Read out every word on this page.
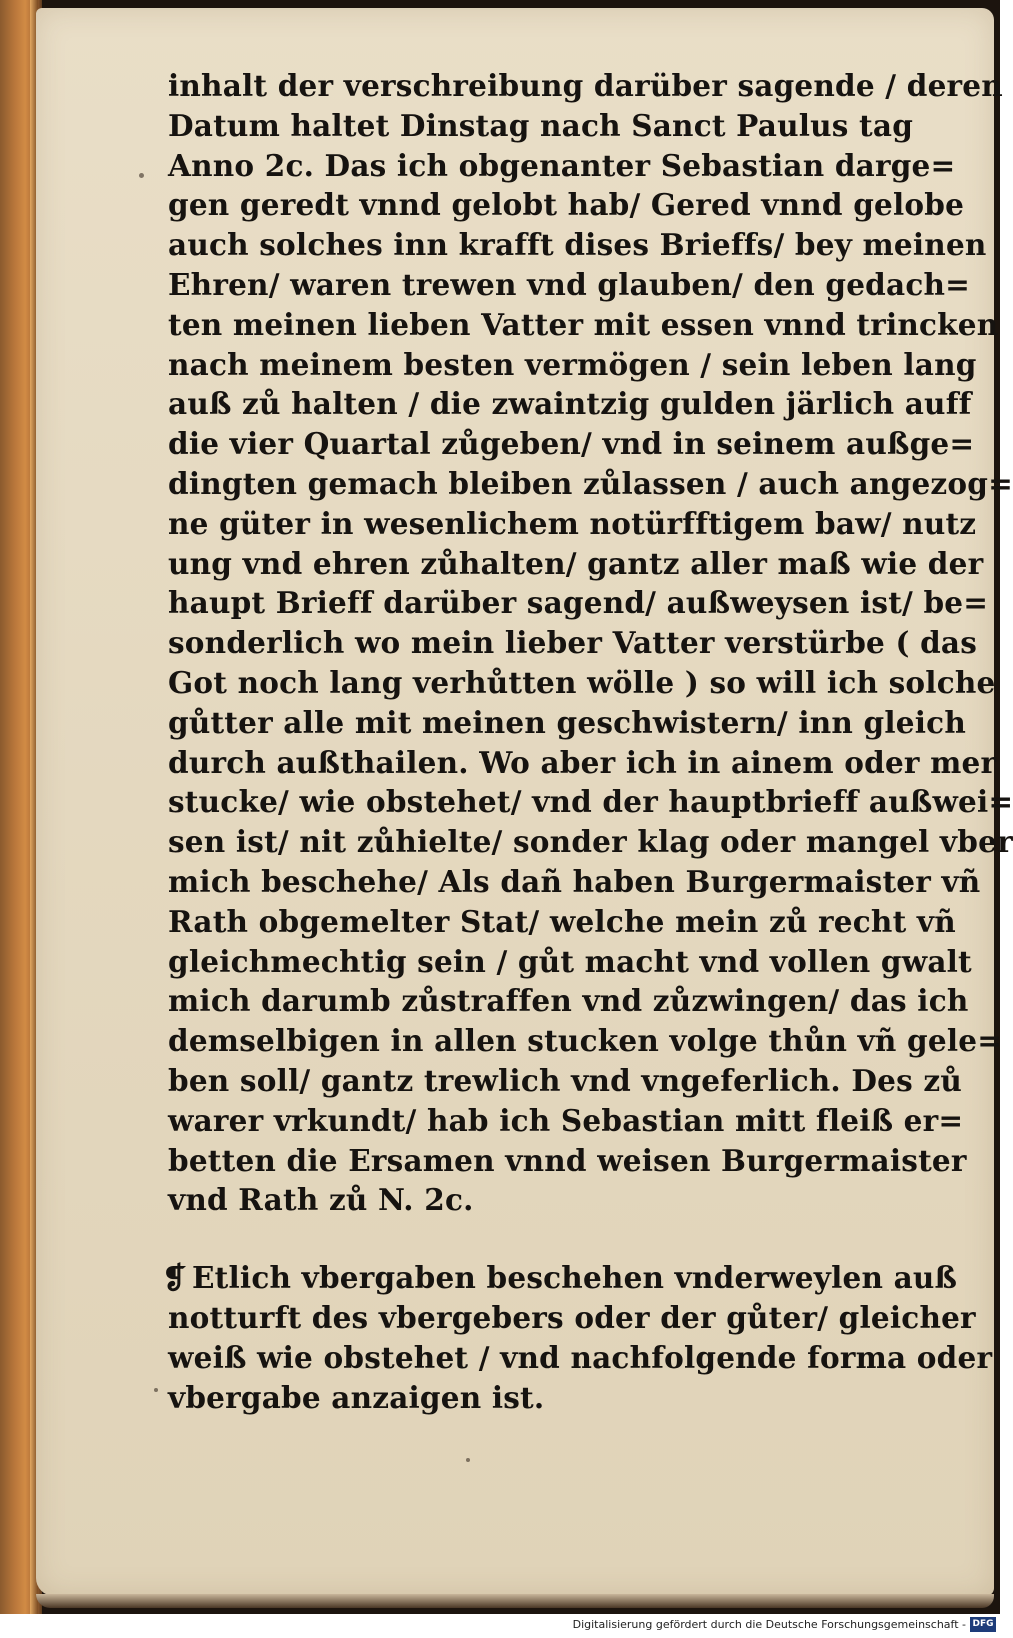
inhalt der verschreibung darüber sagende / deren
Datum haltet Dinstag nach Sanct Paulus tag
Anno 2c. Das ich obgenanter Sebastian darge=
gen geredt vnnd gelobt hab/ Gered vnnd gelobe
auch solches inn krafft dises Brieffs/ bey meinen
Ehren/ waren trewen vnd glauben/ den gedach=
ten meinen lieben Vatter mit essen vnnd trincken
nach meinem besten vermögen / sein leben lang
auß zů halten / die zwaintzig gulden järlich auff
die vier Quartal zůgeben/ vnd in seinem außge=
dingten gemach bleiben zůlassen / auch angezog=
ne güter in wesenlichem notürfftigem baw/ nutz
ung vnd ehren zůhalten/ gantz aller maß wie der
haupt Brieff darüber sagend/ außweysen ist/ be=
sonderlich wo mein lieber Vatter verstürbe ( das
Got noch lang verhůtten wölle ) so will ich solche
gůtter alle mit meinen geschwistern/ inn gleich
durch außthailen. Wo aber ich in ainem oder mer
stucke/ wie obstehet/ vnd der hauptbrieff außwei=
sen ist/ nit zůhielte/ sonder klag oder mangel vber
mich beschehe/ Als dañ haben Burgermaister vñ
Rath obgemelter Stat/ welche mein zů recht vñ
gleichmechtig sein / gůt macht vnd vollen gwalt
mich darumb zůstraffen vnd zůzwingen/ das ich
demselbigen in allen stucken volge thůn vñ gele=
ben soll/ gantz trewlich vnd vngeferlich. Des zů
warer vrkundt/ hab ich Sebastian mitt fleiß er=
betten die Ersamen vnnd weisen Burgermaister
vnd Rath zů N. 2c.
❡ Etlich vbergaben beschehen vnderweylen auß
notturft des vbergebers oder der gůter/ gleicher
weiß wie obstehet / vnd nachfolgende forma oder
vbergabe anzaigen ist.
Digitalisierung gefördert durch die Deutsche Forschungsgemeinschaft - DFG
